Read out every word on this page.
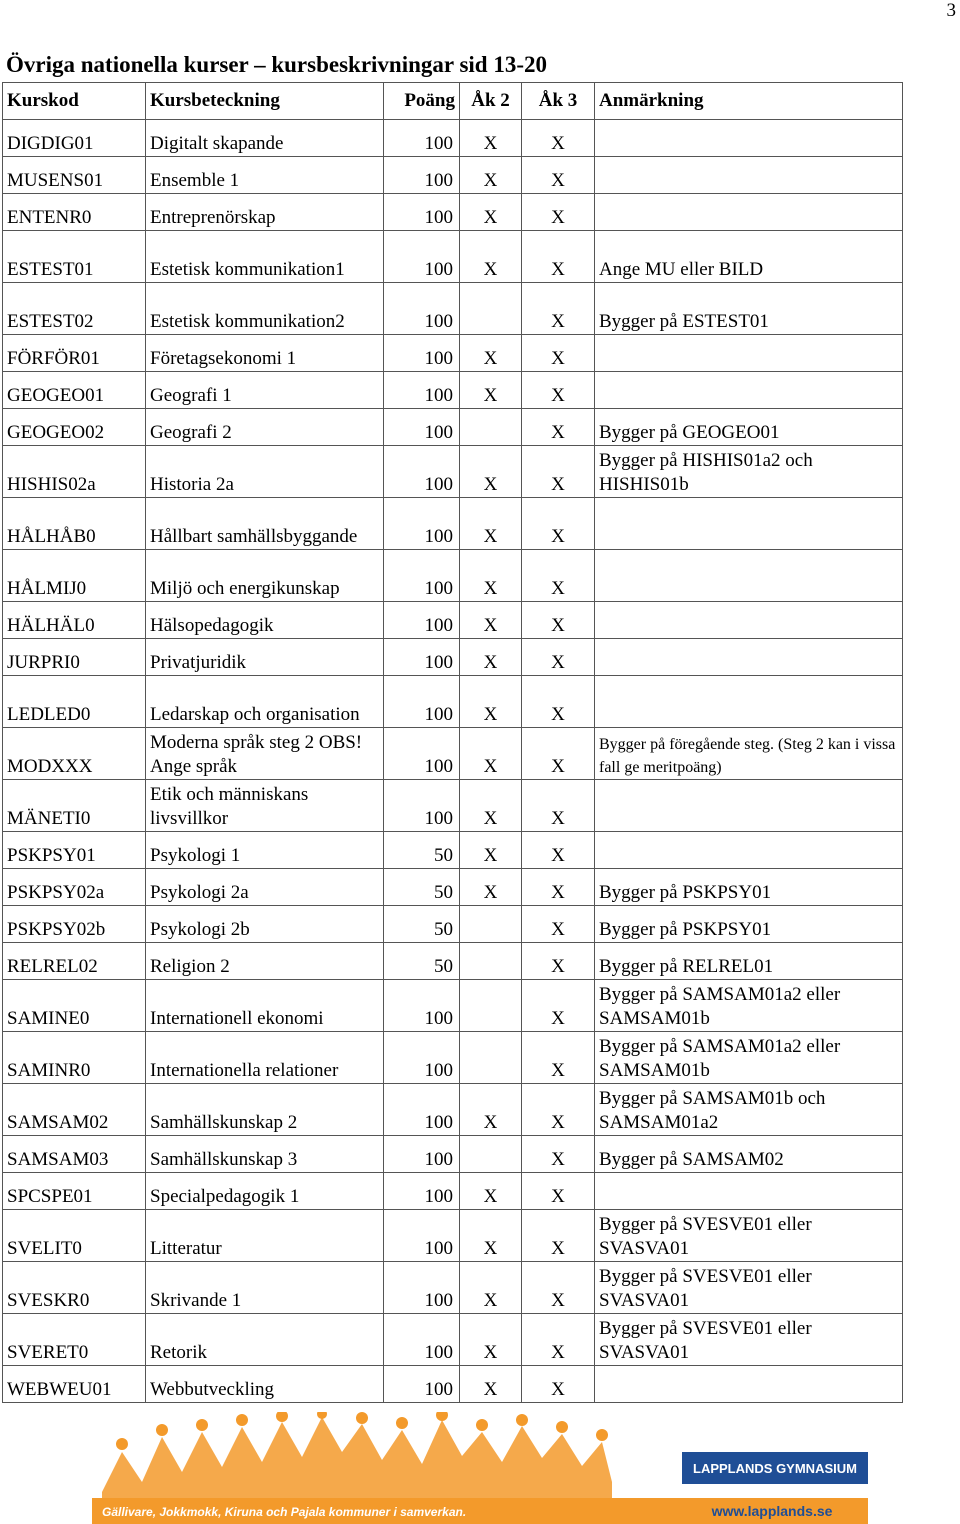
3
Övriga nationella kurser – kursbeskrivningar sid 13-20
Kurskod	Kursbeteckning	Poäng	Åk 2	Åk 3	Anmärkning
DIGDIG01	Digitalt skapande	100	X	X	
MUSENS01	Ensemble 1	100	X	X	
ENTENR0	Entreprenörskap	100	X	X	
ESTEST01	Estetisk kommunikation1	100	X	X	Ange MU eller BILD
ESTEST02	Estetisk kommunikation2	100		X	Bygger på ESTEST01
FÖRFÖR01	Företagsekonomi 1	100	X	X	
GEOGEO01	Geografi 1	100	X	X	
GEOGEO02	Geografi 2	100		X	Bygger på GEOGEO01
HISHIS02a	Historia 2a	100	X	X	Bygger på HISHIS01a2 och HISHIS01b
HÅLHÅB0	Hållbart samhällsbyggande	100	X	X	
HÅLMIJ0	Miljö och energikunskap	100	X	X	
HÄLHÄL0	Hälsopedagogik	100	X	X	
JURPRI0	Privatjuridik	100	X	X	
LEDLED0	Ledarskap och organisation	100	X	X	
MODXXX	Moderna språk steg 2 OBS! Ange språk	100	X	X	Bygger på föregående steg. (Steg 2 kan i vissa fall ge meritpoäng)
MÄNETI0	Etik och människans livsvillkor	100	X	X	
PSKPSY01	Psykologi 1	50	X	X	
PSKPSY02a	Psykologi 2a	50	X	X	Bygger på PSKPSY01
PSKPSY02b	Psykologi 2b	50		X	Bygger på PSKPSY01
RELREL02	Religion 2	50		X	Bygger på RELREL01
SAMINE0	Internationell ekonomi	100		X	Bygger på SAMSAM01a2 eller SAMSAM01b
SAMINR0	Internationella relationer	100		X	Bygger på SAMSAM01a2 eller SAMSAM01b
SAMSAM02	Samhällskunskap 2	100	X	X	Bygger på SAMSAM01b och SAMSAM01a2
SAMSAM03	Samhällskunskap 3	100		X	Bygger på SAMSAM02
SPCSPE01	Specialpedagogik 1	100	X	X	
SVELIT0	Litteratur	100	X	X	Bygger på SVESVE01 eller SVASVA01
SVESKR0	Skrivande 1	100	X	X	Bygger på SVESVE01 eller SVASVA01
SVERET0	Retorik	100	X	X	Bygger på SVESVE01 eller SVASVA01
WEBWEU01	Webbutveckling	100	X	X	
LAPPLANDS GYMNASIUM
Gällivare, Jokkmokk, Kiruna och Pajala kommuner i samverkan.	www.lapplands.se
